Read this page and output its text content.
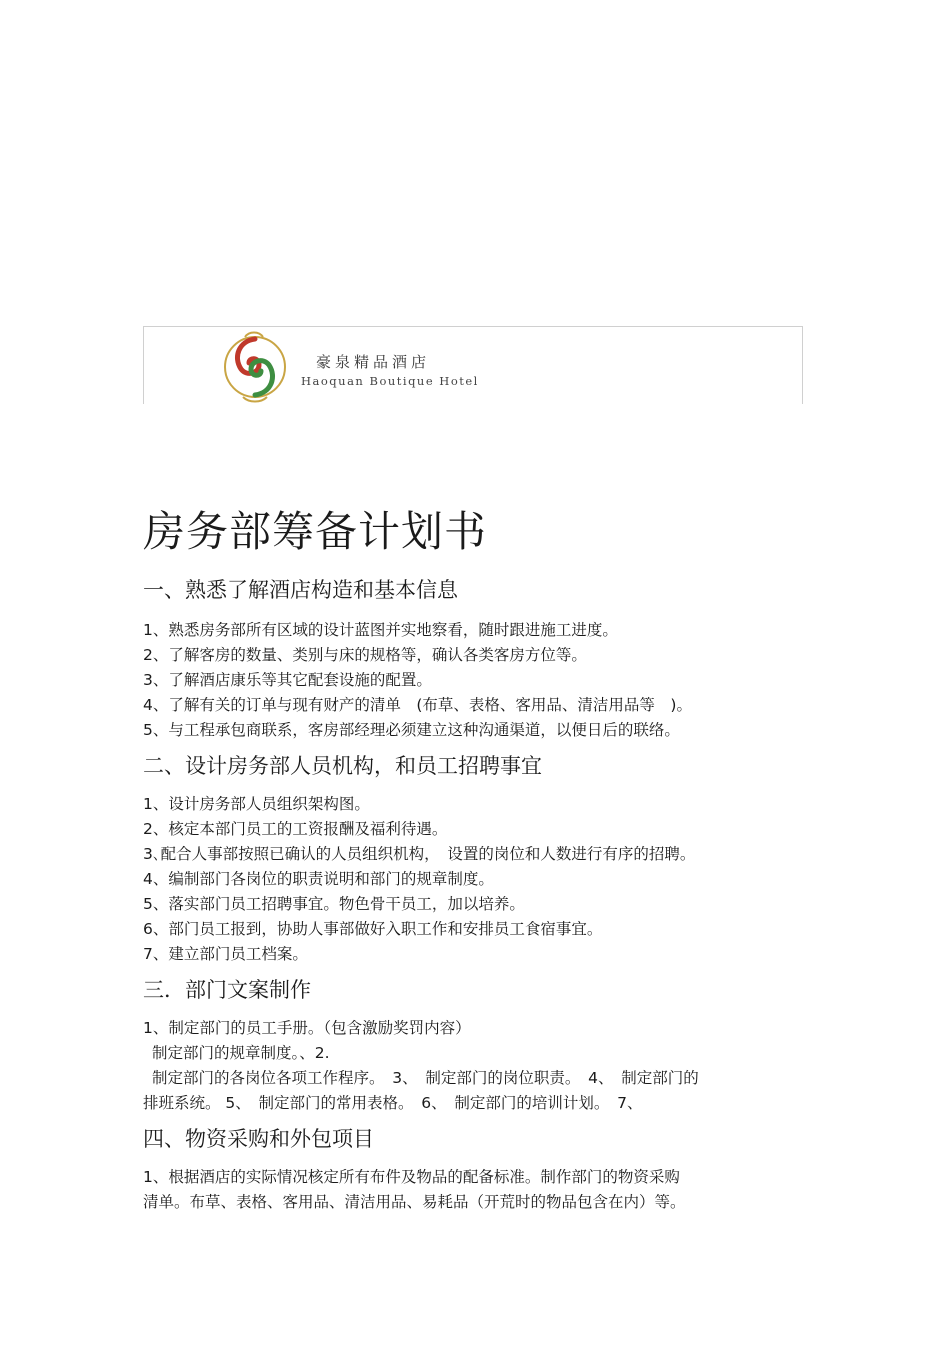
豪泉精品酒店
Haoquan Boutique Hotel
房务部筹备计划书
一、熟悉了解酒店构造和基本信息

1、熟悉房务部所有区域的设计蓝图并实地察看，随时跟进施工进度。

2、了解客房的数量、类别与床的规格等，确认各类客房方位等。

3、了解酒店康乐等其它配套设施的配置。

4、了解有关的订单与现有财产的清单　(布草、表格、客用品、清洁用品等　)。

5、与工程承包商联系，客房部经理必须建立这种沟通渠道，以便日后的联络。

二、设计房务部人员机构，和员工招聘事宜

1、设计房务部人员组织架构图。

2、核定本部门员工的工资报酬及福利待遇。

3､配合人事部按照已确认的人员组织机构，　设置的岗位和人数进行有序的招聘。

4、编制部门各岗位的职责说明和部门的规章制度。

5、落实部门员工招聘事宜。物色骨干员工，加以培养。

6、部门员工报到，协助人事部做好入职工作和安排员工食宿事宜。

7、建立部门员工档案。

三．部门文案制作

1、制定部门的员工手册。（包含激励奖罚内容）

制定部门的规章制度。、2.

制定部门的各岗位各项工作程序。　3、　制定部门的岗位职责。　4、　制定部门的

排班系统。 5、　制定部门的常用表格。　6、　制定部门的培训计划。　7、

四、物资采购和外包项目

1、根据酒店的实际情况核定所有布件及物品的配备标准。制作部门的物资采购

清单。布草、表格、客用品、清洁用品、易耗品（开荒时的物品包含在内）等。
